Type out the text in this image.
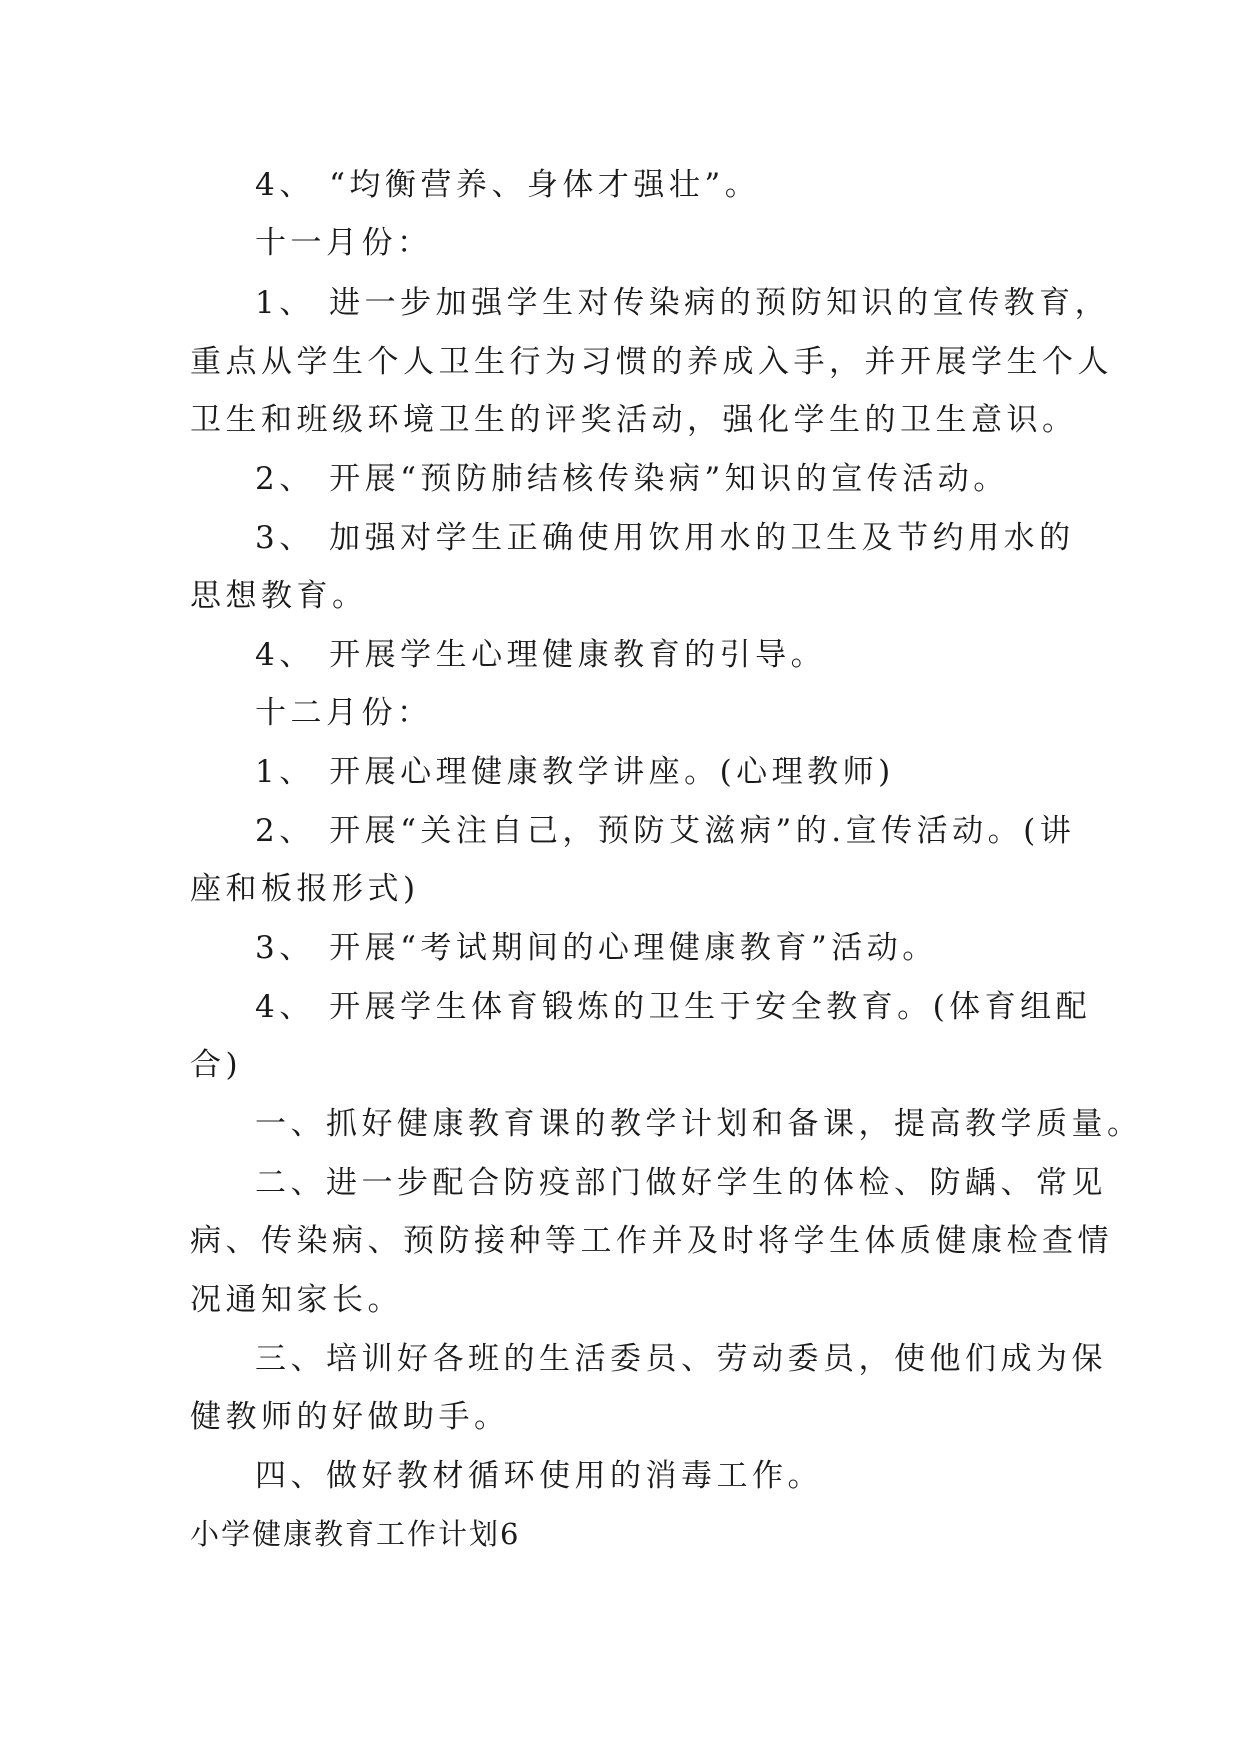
4、 “均衡营养、身体才强壮”。
十一月份：
1、 进一步加强学生对传染病的预防知识的宣传教育，
重点从学生个人卫生行为习惯的养成入手，并开展学生个人
卫生和班级环境卫生的评奖活动，强化学生的卫生意识。
2、 开展“预防肺结核传染病”知识的宣传活动。
3、 加强对学生正确使用饮用水的卫生及节约用水的
思想教育。
4、 开展学生心理健康教育的引导。
十二月份：
1、 开展心理健康教学讲座。(心理教师)
2、 开展“关注自己，预防艾滋病”的.宣传活动。(讲
座和板报形式)
3、 开展“考试期间的心理健康教育”活动。
4、 开展学生体育锻炼的卫生于安全教育。(体育组配
合)
一、抓好健康教育课的教学计划和备课，提高教学质量。
二、进一步配合防疫部门做好学生的体检、防龋、常见
病、传染病、预防接种等工作并及时将学生体质健康检查情
况通知家长。
三、培训好各班的生活委员、劳动委员，使他们成为保
健教师的好做助手。
四、做好教材循环使用的消毒工作。
小学健康教育工作计划6
